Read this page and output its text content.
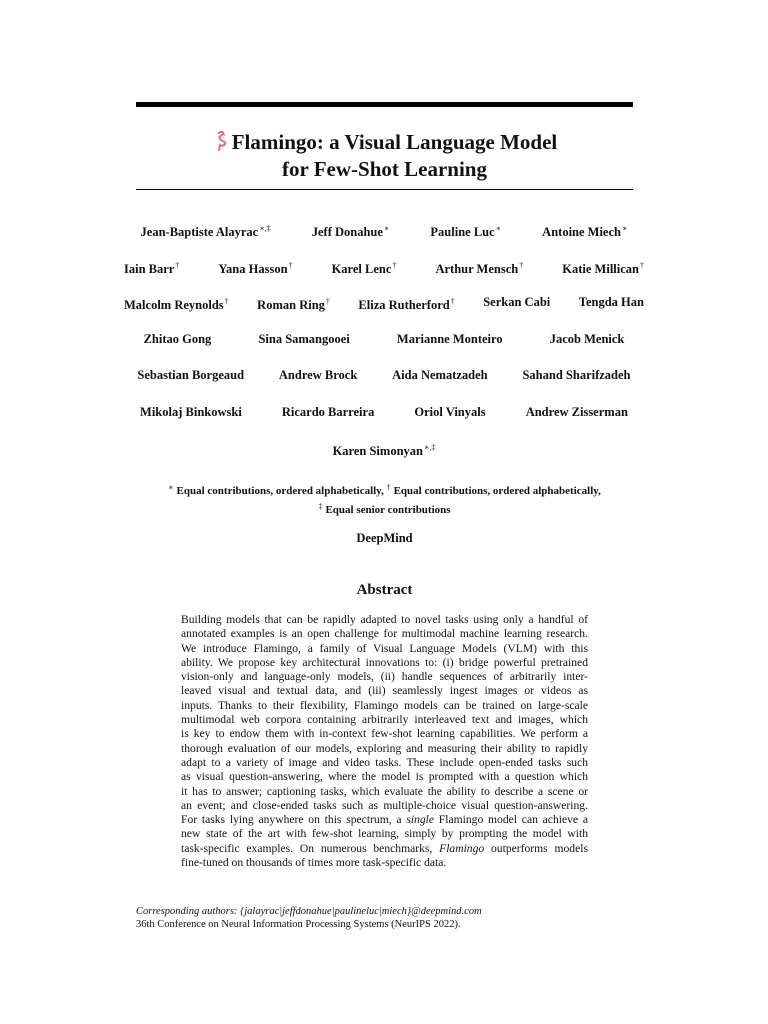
Flamingo: a Visual Language Model
for Few-Shot Learning
Jean-Baptiste Alayrac∗,‡	Jeff Donahue∗	Pauline Luc∗	Antoine Miech∗
Iain Barr†	Yana Hasson†	Karel Lenc†	Arthur Mensch†	Katie Millican†
Malcolm Reynolds† Roman Ring† Eliza Rutherford† Serkan Cabi Tengda Han
Zhitao Gong	Sina Samangooei	Marianne Monteiro	Jacob Menick
Sebastian Borgeaud	Andrew Brock	Aida Nematzadeh	Sahand Sharifzadeh
Mikolaj Binkowski	Ricardo Barreira	Oriol Vinyals	Andrew Zisserman
Karen Simonyan∗,‡
∗ Equal contributions, ordered alphabetically, † Equal contributions, ordered alphabetically,
‡ Equal senior contributions
DeepMind
Abstract
Building models that can be rapidly adapted to novel tasks using only a handful of
annotated examples is an open challenge for multimodal machine learning research.
We introduce Flamingo, a family of Visual Language Models (VLM) with this
ability. We propose key architectural innovations to: (i) bridge powerful pretrained
vision-only and language-only models, (ii) handle sequences of arbitrarily inter-
leaved visual and textual data, and (iii) seamlessly ingest images or videos as
inputs. Thanks to their flexibility, Flamingo models can be trained on large-scale
multimodal web corpora containing arbitrarily interleaved text and images, which
is key to endow them with in-context few-shot learning capabilities. We perform a
thorough evaluation of our models, exploring and measuring their ability to rapidly
adapt to a variety of image and video tasks. These include open-ended tasks such
as visual question-answering, where the model is prompted with a question which
it has to answer; captioning tasks, which evaluate the ability to describe a scene or
an event; and close-ended tasks such as multiple-choice visual question-answering.
For tasks lying anywhere on this spectrum, a single Flamingo model can achieve a
new state of the art with few-shot learning, simply by prompting the model with
task-specific examples. On numerous benchmarks, Flamingo outperforms models
fine-tuned on thousands of times more task-specific data.
Corresponding authors: {jalayrac|jeffdonahue|paulineluc|miech}@deepmind.com
36th Conference on Neural Information Processing Systems (NeurIPS 2022).
